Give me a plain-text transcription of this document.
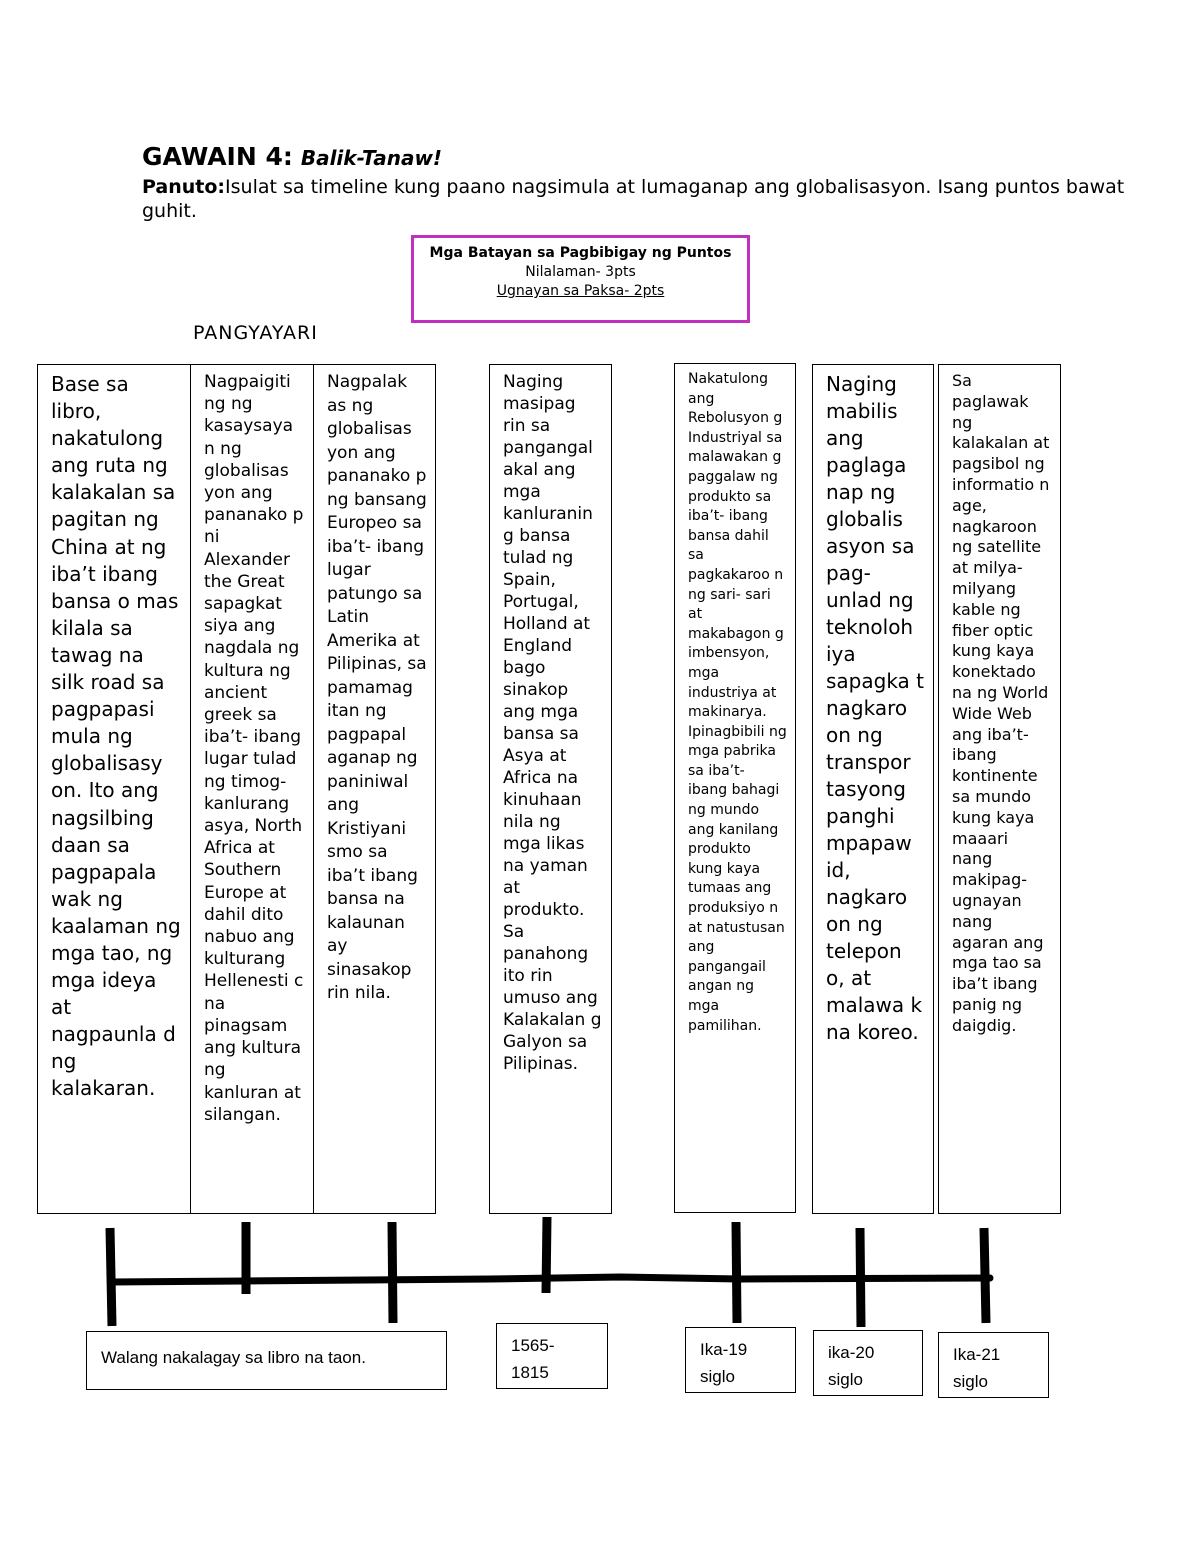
GAWAIN 4: Balik-Tanaw!
Panuto:Isulat sa timeline kung paano nagsimula at lumaganap ang globalisasyon. Isang puntos bawat guhit.
Mga Batayan sa Pagbibigay ng Puntos
Nilalaman- 3pts
Ugnayan sa Paksa- 2pts
PANGYAYARI
Base sa libro, nakatulong ang ruta ng kalakalan sa pagitan ng China at ng iba’t ibang bansa o mas kilala sa tawag na silk road sa pagpapasi mula ng globalisasy on. Ito ang nagsilbing daan sa pagpapala wak ng kaalaman ng mga tao, ng mga ideya at nagpaunla d ng kalakaran.
Nagpaigiti ng ng kasaysaya n ng globalisas yon ang pananako p ni Alexander the Great sapagkat siya ang nagdala ng kultura ng ancient greek sa iba’t- ibang lugar tulad ng timog- kanlurang asya, North Africa at Southern Europe at dahil dito nabuo ang kulturang Hellenesti c na pinagsam ang kultura ng kanluran at silangan.
Nagpalak as ng globalisas yon ang pananako p ng bansang Europeo sa iba’t- ibang lugar patungo sa Latin Amerika at Pilipinas, sa pamamag itan ng pagpapal aganap ng paniniwal ang Kristiyani smo sa iba’t ibang bansa na kalaunan ay sinasakop rin nila.
Naging masipag rin sa pangangal akal ang mga kanluranin g bansa tulad ng Spain, Portugal, Holland at England bago sinakop ang mga bansa sa Asya at Africa na kinuhaan nila ng mga likas na yaman at produkto. Sa panahong ito rin umuso ang Kalakalan g Galyon sa Pilipinas.
Nakatulong ang Rebolusyon g Industriyal sa malawakan g paggalaw ng produkto sa iba’t- ibang bansa dahil sa pagkakaroo n ng sari- sari at makabagon g imbensyon, mga industriya at makinarya. Ipinagbibili ng mga pabrika sa iba’t- ibang bahagi ng mundo ang kanilang produkto kung kaya tumaas ang produksiyo n at natustusan ang pangangail angan ng mga pamilihan.
Naging mabilis ang paglaga nap ng globalis asyon sa pag- unlad ng teknoloh iya sapagka t nagkaro on ng transpor tasyong panghi mpapaw id, nagkaro on ng telepon o, at malawa k na koreo.
Sa paglawak ng kalakalan at pagsibol ng informatio n age, nagkaroon ng satellite at milya- milyang kable ng fiber optic kung kaya konektado na ng World Wide Web ang iba’t- ibang kontinente sa mundo kung kaya maaari nang makipag- ugnayan nang agaran ang mga tao sa iba’t ibang panig ng daigdig.
Walang nakalagay sa libro na taon.
1565- 1815
Ika-19 siglo
ika-20 siglo
Ika-21 siglo
